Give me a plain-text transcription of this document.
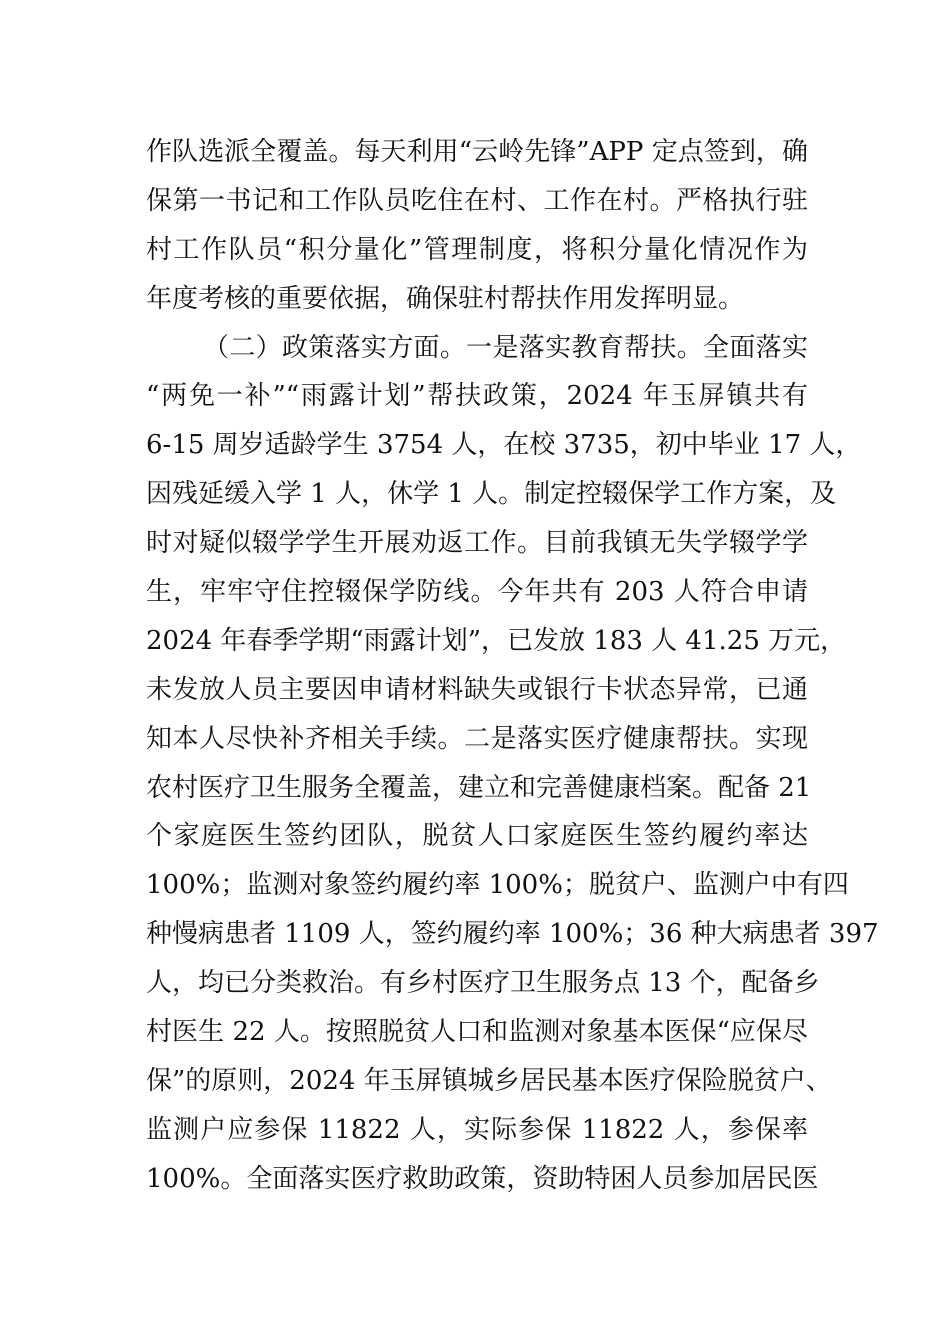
作队选派全覆盖。每天利用“云岭先锋”APP 定点签到，确
保第一书记和工作队员吃住在村、工作在村。严格执行驻
村工作队员“积分量化”管理制度，将积分量化情况作为
年度考核的重要依据，确保驻村帮扶作用发挥明显。
（二）政策落实方面。一是落实教育帮扶。全面落实
“两免一补”“雨露计划”帮扶政策，2024 年玉屏镇共有
6-15 周岁适龄学生 3754 人，在校 3735，初中毕业 17 人，
因残延缓入学 1 人，休学 1 人。制定控辍保学工作方案，及
时对疑似辍学学生开展劝返工作。目前我镇无失学辍学学
生，牢牢守住控辍保学防线。今年共有 203 人符合申请
2024 年春季学期“雨露计划”，已发放 183 人 41.25 万元，
未发放人员主要因申请材料缺失或银行卡状态异常，已通
知本人尽快补齐相关手续。二是落实医疗健康帮扶。实现
农村医疗卫生服务全覆盖，建立和完善健康档案。配备 21
个家庭医生签约团队，脱贫人口家庭医生签约履约率达
100%；监测对象签约履约率 100%；脱贫户、监测户中有四
种慢病患者 1109 人，签约履约率 100%；36 种大病患者 397
人，均已分类救治。有乡村医疗卫生服务点 13 个，配备乡
村医生 22 人。按照脱贫人口和监测对象基本医保“应保尽
保”的原则，2024 年玉屏镇城乡居民基本医疗保险脱贫户、
监测户应参保 11822 人，实际参保 11822 人，参保率
100%。全面落实医疗救助政策，资助特困人员参加居民医
